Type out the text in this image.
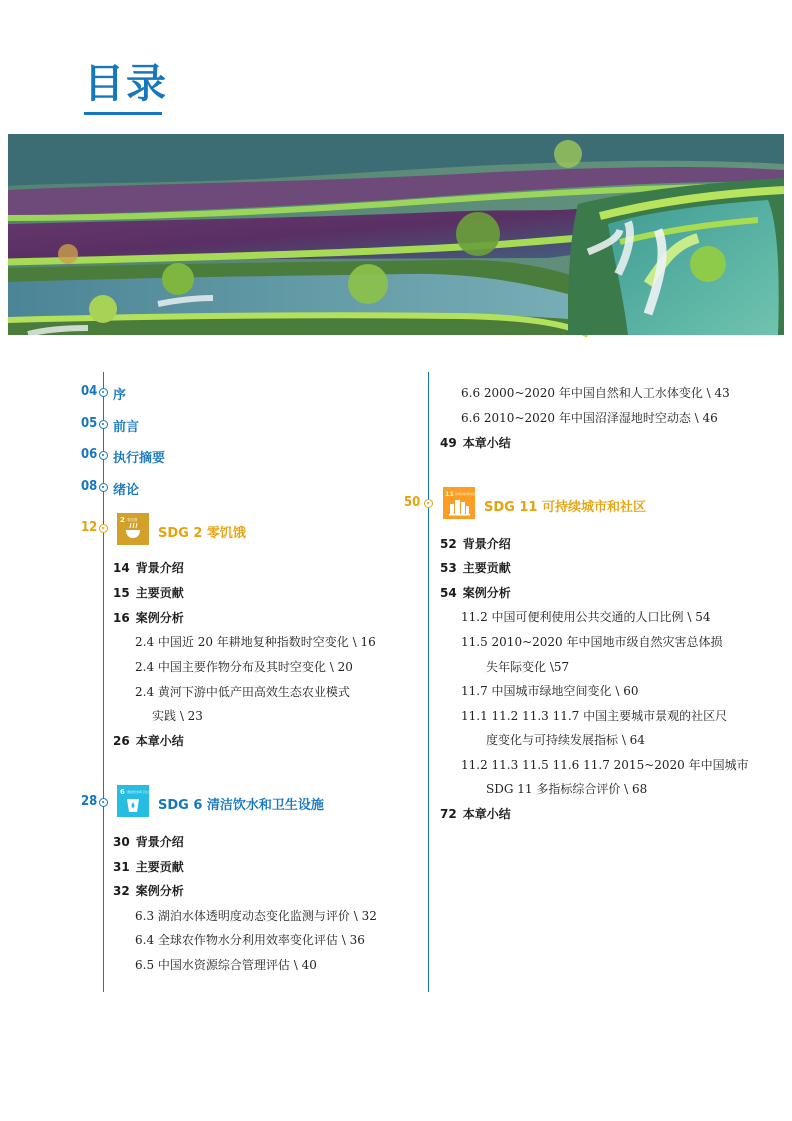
目录
04 序
05 前言
06 执行摘要
08 绪论
12	2 零饥饿
SDG 2 零饥饿
14 背景介绍
15 主要贡献
16 案例分析
2.4 中国近 20 年耕地复种指数时空变化 \ 16
2.4 中国主要作物分布及其时空变化 \ 20
2.4 黄河下游中低产田高效生态农业模式
实践 \ 23
26 本章小结
28
6 清洁饮水和卫生设施
SDG 6 清洁饮水和卫生设施
30 背景介绍
31 主要贡献
32 案例分析
6.3 湖泊水体透明度动态变化监测与评价 \ 32
6.4 全球农作物水分利用效率变化评估 \ 36
6.5 中国水资源综合管理评估 \ 40
6.6 2000~2020 年中国自然和人工水体变化 \ 43
6.6 2010~2020 年中国沼泽湿地时空动态 \ 46
49 本章小结
50
11 可持续城市和社区
SDG 11 可持续城市和社区
52 背景介绍
53 主要贡献
54 案例分析
11.2 中国可便利使用公共交通的人口比例 \ 54
11.5 2010~2020 年中国地市级自然灾害总体损
失年际变化 \57
11.7 中国城市绿地空间变化 \ 60
11.1 11.2 11.3 11.7 中国主要城市景观的社区尺
度变化与可持续发展指标 \ 64
11.2 11.3 11.5 11.6 11.7 2015~2020 年中国城市
SDG 11 多指标综合评价 \ 68
72 本章小结
